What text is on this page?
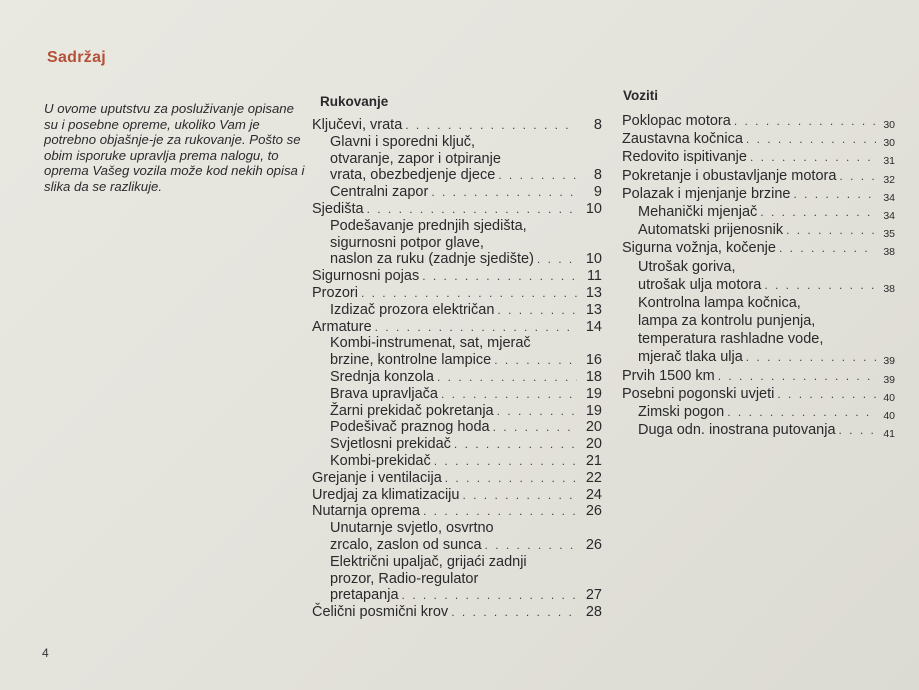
Sadržaj
U ovome uputstvu za posluživanje opisane su i posebne opreme, ukoliko Vam je potrebno objašnje-je za rukovanje. Pošto se obim isporuke upravlja prema nalogu, to oprema Vašeg vozila može kod nekih opisa i slika da se razlikuje.
Rukovanje
Ključevi, vrata . . .	8
Glavni i sporedni ključ,
otvaranje, zapor i otpiranje
vrata, obezbedjenje djece . . .	8
Centralni zapor . . .	9
Sjedišta . . .	10
Podešavanje prednjih sjedišta,
sigurnosni potpor glave,
naslon za ruku (zadnje sjedište) . . .	10
Sigurnosni pojas . . .	11
Prozori . . .	13
Izdizač prozora električan . . .	13
Armature . . .	14
Kombi-instrumenat, sat, mjerač
brzine, kontrolne lampice . . .	16
Srednja konzola . . .	18
Brava upravljača . . .	19
Žarni prekidač pokretanja . . .	19
Podešivač praznog hoda . . .	20
Svjetlosni prekidač . . .	20
Kombi-prekidač . . .	21
Grejanje i ventilacija . . .	22
Uredjaj za klimatizaciju . . .	24
Nutarnja oprema . . .	26
Unutarnje svjetlo, osvrtno
zrcalo, zaslon od sunca . . .	26
Električni upaljač, grijaći zadnji
prozor, Radio-regulator
pretapanja . . .	27
Čelični posmični krov . . .	28
Voziti
Poklopac motora . . .	30
Zaustavna kočnica . . .	30
Redovito ispitivanje . . .	31
Pokretanje i obustavljanje motora . . .	32
Polazak i mjenjanje brzine . . .	34
Mehanički mjenjač . . .	34
Automatski prijenosnik . . .	35
Sigurna vožnja, kočenje . . .	38
Utrošak goriva,
utrošak ulja motora . . .	38
Kontrolna lampa kočnica,
lampa za kontrolu punjenja,
temperatura rashladne vode,
mjerač tlaka ulja . . .	39
Prvih 1500 km . . .	39
Posebni pogonski uvjeti . . .	40
Zimski pogon . . .	40
Duga odn. inostrana putovanja . . .	41
4
